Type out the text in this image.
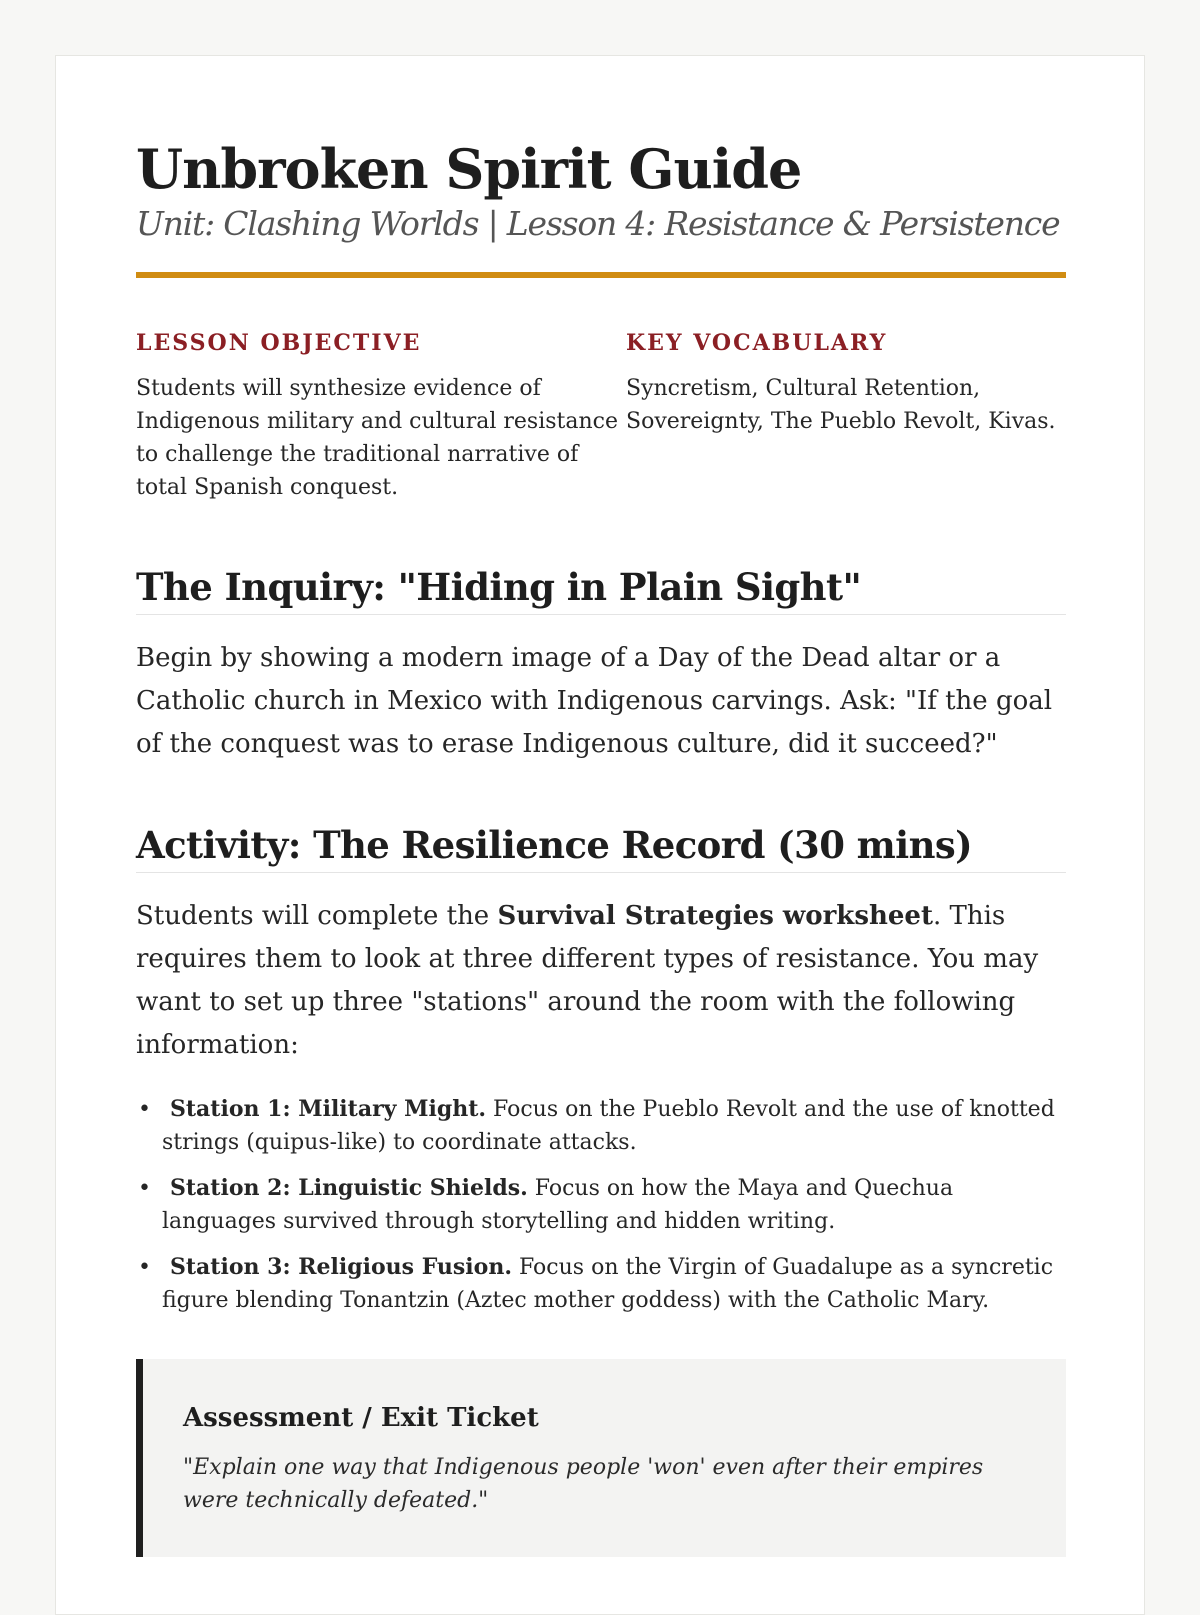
Unbroken Spirit Guide
Unit: Clashing Worlds | Lesson 4: Resistance & Persistence
LESSON OBJECTIVE
Students will synthesize evidence of Indigenous military and cultural resistance to challenge the traditional narrative of total Spanish conquest.
KEY VOCABULARY
Syncretism, Cultural Retention, Sovereignty, The Pueblo Revolt, Kivas.
The Inquiry: "Hiding in Plain Sight"
Begin by showing a modern image of a Day of the Dead altar or a Catholic church in Mexico with Indigenous carvings. Ask: "If the goal of the conquest was to erase Indigenous culture, did it succeed?"
Activity: The Resilience Record (30 mins)
Students will complete the Survival Strategies worksheet. This requires them to look at three different types of resistance. You may want to set up three "stations" around the room with the following information:
• Station 1: Military Might. Focus on the Pueblo Revolt and the use of knotted strings (quipus-like) to coordinate attacks.
• Station 2: Linguistic Shields. Focus on how the Maya and Quechua languages survived through storytelling and hidden writing.
• Station 3: Religious Fusion. Focus on the Virgin of Guadalupe as a syncretic figure blending Tonantzin (Aztec mother goddess) with the Catholic Mary.
Assessment / Exit Ticket
"Explain one way that Indigenous people 'won' even after their empires were technically defeated."
